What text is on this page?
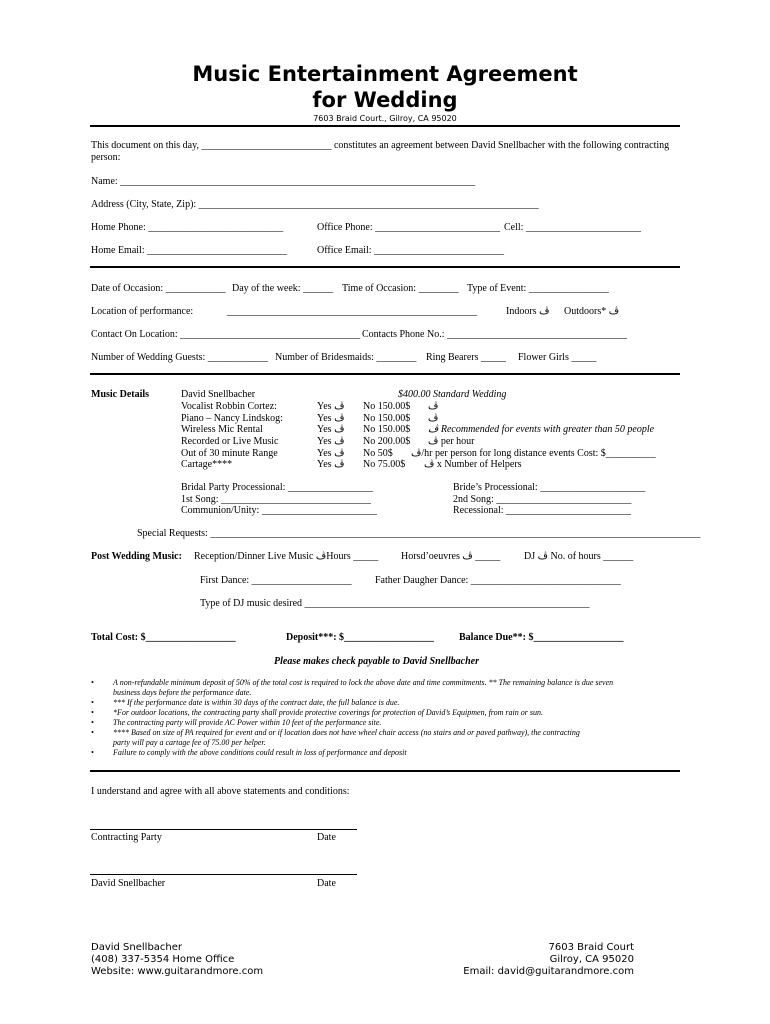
Music Entertainment Agreement
for Wedding
7603 Braid Court., Gilroy, CA 95020
This document on this day, __________________________ constitutes an agreement between David Snellbacher with the following contracting
person:
Name: _______________________________________________________________________
Address (City, State, Zip): ____________________________________________________________________
Home Phone: ___________________________	Office Phone: _________________________ Cell: _______________________
Home Email: ____________________________	Office Email: __________________________
Date of Occasion: ____________ Day of the week: ______ Time of Occasion: ________ Type of Event: ________________
Location of performance:	__________________________________________________	Indoors ڤ Outdoors* ڤ
Contact On Location: ____________________________________ Contacts Phone No.: ____________________________________
Number of Wedding Guests: ____________ Number of Bridesmaids: ________ Ring Bearers _____ Flower Girls _____
Music Details	David Snellbacher	$400.00 Standard Wedding
Vocalist Robbin Cortez:	Yes ڤ No 150.00$ ڤ
Piano – Nancy Lindskog:	Yes ڤ No 150.00$ ڤ
Wireless Mic Rental	Yes ڤ No 150.00$ ڤ Recommended for events with greater than 50 people
Recorded or Live Music	Yes ڤ No 200.00$ ڤ per hour
Out of 30 minute Range	Yes ڤ No 50$ ڤ/hr per person for long distance events Cost: $__________
Cartage****	Yes ڤ No 75.00$ ڤ x Number of Helpers
Bridal Party Processional: _________________
1st Song: ______________________________
Communion/Unity: _______________________
Bride’s Processional: _____________________
2nd Song: ___________________________
Recessional: _________________________
Special Requests: __________________________________________________________________________________________________
Post Wedding Music: Reception/Dinner Live Music ڤHours _____ Horsd’oeuvres ڤ _____ DJ ڤ No. of hours ______
First Dance: ____________________ Father Daugher Dance: ______________________________
Type of DJ music desired _________________________________________________________
Total Cost: $__________________	Deposit***: $__________________ Balance Due**: $__________________
Please makes check payable to David Snellbacher
• A non-refundable minimum deposit of 50% of the total cost is required to lock the above date and time commitments. ** The remaining balance is due seven
business days before the performance date.
• *** If the performance date is within 30 days of the contract date, the full balance is due.
• *For outdoor locations, the contracting party shall provide protective coverings for protection of David’s Equipmen, from rain or sun.
• The contracting party will provide AC Power within 10 feet of the performance site.
• **** Based on size of PA required for event and or if location does not have wheel chair access (no stairs and or paved pathway), the contracting
party will pay a cartage fee of 75.00 per helper.
• Failure to comply with the above conditions could result in loss of performance and deposit
I understand and agree with all above statements and conditions:
Contracting Party	Date
David Snellbacher	Date
David Snellbacher
(408) 337-5354 Home Office
Website: www.guitarandmore.com
7603 Braid Court
Gilroy, CA 95020
Email: david@guitarandmore.com
